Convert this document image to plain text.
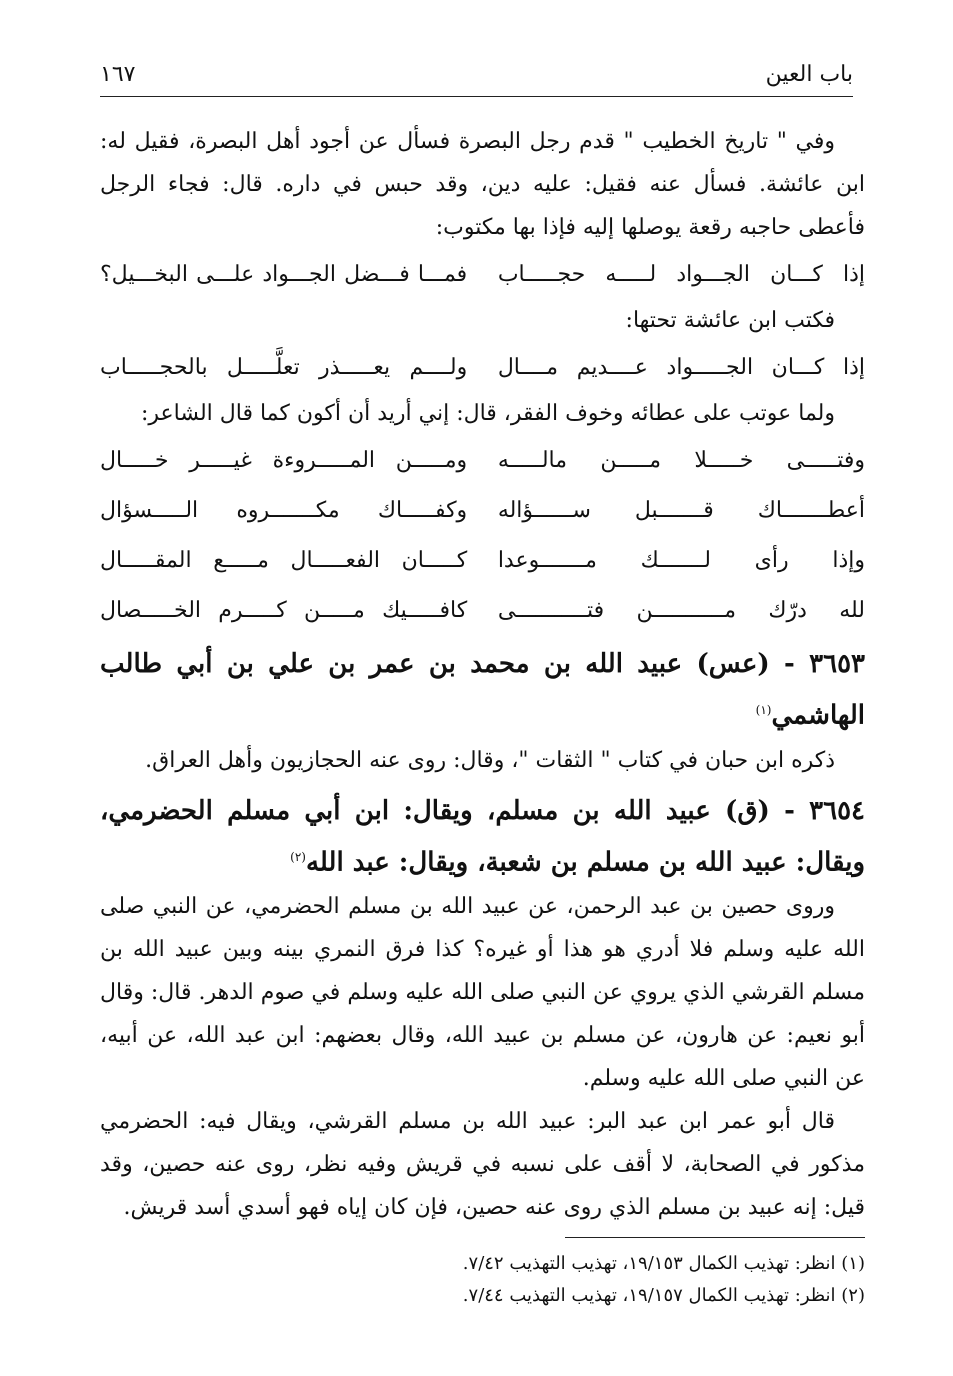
باب العين
١٦٧

وفي " تاريخ الخطيب " قدم رجل البصرة فسأل عن أجود أهل البصرة، فقيل له: ابن عائشة. فسأل عنه فقيل: عليه دين، وقد حبس في داره. قال: فجاء الرجل فأعطى حاجبه رقعة يوصلها إليه فإذا بها مكتوب:

إذا كـــان الجـــواد لـــــه حجـــــاب
فمـــا فـــضل الجـــواد علـــى البخـــيل؟

فكتب ابن عائشة تحتها:

إذا كـــان الجـــــواد عــــديم مــــال
ولــــم يعـــــذر تعلَّـــــل بالحجـــــاب

ولما عوتب على عطائه وخوف الفقر، قال: إني أريد أن أكون كما قال الشاعر:

وفتـــــى خـــــلا مـــــن مالـــــه
ومـــــن المـــــروءة غيـــــر خـــــال
أعطـــــــاك قـــــــبل ســــــؤاله
وكفـــــاك مكـــــــروه الـــــسؤال
وإذا رأى لـــــــك مـــــــوعدا
كـــــان الفعـــــال مـــــع المقـــــال
لله درّك مـــــــــــن فتـــــــــــى
كافـــــيك مـــــن كـــــرم الخـــــصال

٣٦٥٣ - (عس) عبيد الله بن محمد بن عمر بن علي بن أبي طالب الهاشمي$^{(١)}$

ذكره ابن حبان في كتاب " الثقات "، وقال: روى عنه الحجازيون وأهل العراق.

٣٦٥٤ - (ق) عبيد الله بن مسلم، ويقال: ابن أبي مسلم الحضرمي، ويقال: عبيد الله بن مسلم بن شعبة، ويقال: عبد الله$^{(٢)}$

وروى حصين بن عبد الرحمن، عن عبيد الله بن مسلم الحضرمي، عن النبي صلى الله عليه وسلم فلا أدري هو هذا أو غيره؟ كذا فرق النمري بينه وبين عبيد الله بن مسلم القرشي الذي يروي عن النبي صلى الله عليه وسلم في صوم الدهر. قال: وقال أبو نعيم: عن هارون، عن مسلم بن عبيد الله، وقال بعضهم: ابن عبد الله، عن أبيه، عن النبي صلى الله عليه وسلم.

قال أبو عمر ابن عبد البر: عبيد الله بن مسلم القرشي، ويقال فيه: الحضرمي مذكور في الصحابة، لا أقف على نسبه في قريش وفيه نظر، روى عنه حصين، وقد قيل: إنه عبيد بن مسلم الذي روى عنه حصين، فإن كان إياه فهو أسدي أسد قريش.

(١) انظر: تهذيب الكمال ١٩/١٥٣، تهذيب التهذيب ٧/٤٢.
(٢) انظر: تهذيب الكمال ١٩/١٥٧، تهذيب التهذيب ٧/٤٤.
